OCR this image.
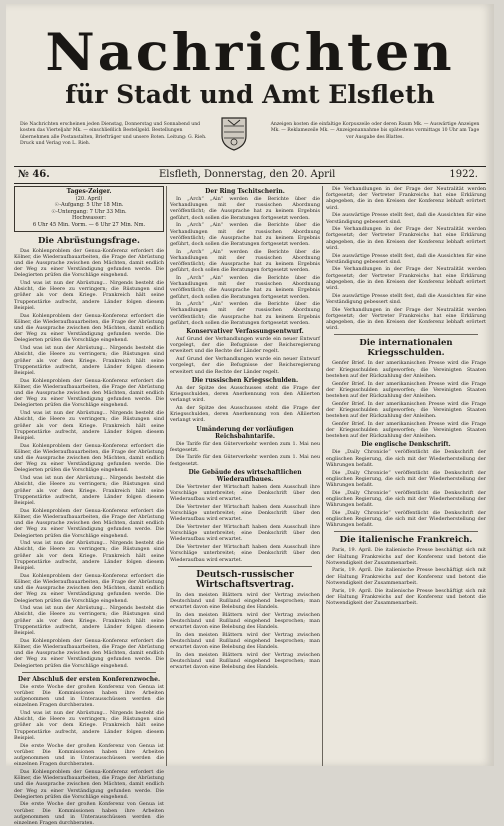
Nachrichten
für Stadt und Amt Elsfleth
Die Nachrichten erscheinen jeden Dienstag, Donnerstag und Sonnabend und kosten das Vierteljahr Mk. — einschließlich Bestellgeld. Bestellungen übernehmen alle Postanstalten, Briefträger und unsere Boten. Leitung: G. Rieh. Druck und Verlag von L. Rieh.
Anzeigen kosten die einfaltige Korpuszeile oder deren Raum Mk. — Auswärtige Anzeigen Mk. — Reklamezeile Mk. — Anzeigenannahme bis spätestens vormittags 10 Uhr am Tage vor Ausgabe des Blattes.
№ 46.	Elsfleth, Donnerstag, den 20. April	1922.
Tages-Zeiger.
(20. April)
☉-Aufgang: 5 Uhr 18 Min.
☉-Untergang: 7 Uhr 33 Min.
Hochwasser:
6 Uhr 45 Min. Vorm. — 6 Uhr 27 Min. Nm.
Die Abrüstungsfrage.

Das Kohlenproblem der Genua-Konferenz erfordert die Kölner, die Wiederaufbauarbeiten, die Frage der Abrüstung und die Aussprache zwischen den Mächten, damit endlich der Weg zu einer Verständigung gefunden werde. Die Delegierten prüfen die Vorschläge eingehend.

Und was ist nun der Abrüstung... Nirgends besteht die Absicht, die Heere zu verringern; die Rüstungen sind größer als vor dem Kriege. Frankreich hält seine Truppenstärke aufrecht, andere Länder folgen diesem Beispiel.

Das Kohlenproblem der Genua-Konferenz erfordert die Kölner, die Wiederaufbauarbeiten, die Frage der Abrüstung und die Aussprache zwischen den Mächten, damit endlich der Weg zu einer Verständigung gefunden werde. Die Delegierten prüfen die Vorschläge eingehend.

Und was ist nun der Abrüstung... Nirgends besteht die Absicht, die Heere zu verringern; die Rüstungen sind größer als vor dem Kriege. Frankreich hält seine Truppenstärke aufrecht, andere Länder folgen diesem Beispiel.

Das Kohlenproblem der Genua-Konferenz erfordert die Kölner, die Wiederaufbauarbeiten, die Frage der Abrüstung und die Aussprache zwischen den Mächten, damit endlich der Weg zu einer Verständigung gefunden werde. Die Delegierten prüfen die Vorschläge eingehend.

Und was ist nun der Abrüstung... Nirgends besteht die Absicht, die Heere zu verringern; die Rüstungen sind größer als vor dem Kriege. Frankreich hält seine Truppenstärke aufrecht, andere Länder folgen diesem Beispiel.

Das Kohlenproblem der Genua-Konferenz erfordert die Kölner, die Wiederaufbauarbeiten, die Frage der Abrüstung und die Aussprache zwischen den Mächten, damit endlich der Weg zu einer Verständigung gefunden werde. Die Delegierten prüfen die Vorschläge eingehend.

Und was ist nun der Abrüstung... Nirgends besteht die Absicht, die Heere zu verringern; die Rüstungen sind größer als vor dem Kriege. Frankreich hält seine Truppenstärke aufrecht, andere Länder folgen diesem Beispiel.

Das Kohlenproblem der Genua-Konferenz erfordert die Kölner, die Wiederaufbauarbeiten, die Frage der Abrüstung und die Aussprache zwischen den Mächten, damit endlich der Weg zu einer Verständigung gefunden werde. Die Delegierten prüfen die Vorschläge eingehend.

Und was ist nun der Abrüstung... Nirgends besteht die Absicht, die Heere zu verringern; die Rüstungen sind größer als vor dem Kriege. Frankreich hält seine Truppenstärke aufrecht, andere Länder folgen diesem Beispiel.

Das Kohlenproblem der Genua-Konferenz erfordert die Kölner, die Wiederaufbauarbeiten, die Frage der Abrüstung und die Aussprache zwischen den Mächten, damit endlich der Weg zu einer Verständigung gefunden werde. Die Delegierten prüfen die Vorschläge eingehend.

Und was ist nun der Abrüstung... Nirgends besteht die Absicht, die Heere zu verringern; die Rüstungen sind größer als vor dem Kriege. Frankreich hält seine Truppenstärke aufrecht, andere Länder folgen diesem Beispiel.

Das Kohlenproblem der Genua-Konferenz erfordert die Kölner, die Wiederaufbauarbeiten, die Frage der Abrüstung und die Aussprache zwischen den Mächten, damit endlich der Weg zu einer Verständigung gefunden werde. Die Delegierten prüfen die Vorschläge eingehend.

Der Abschluß der ersten Konferenzwoche.

Die erste Woche der großen Konferenz von Genua ist vorüber. Die Kommissionen haben ihre Arbeiten aufgenommen und in Unterausschüssen werden die einzelnen Fragen durchberaten.

Und was ist nun der Abrüstung... Nirgends besteht die Absicht, die Heere zu verringern; die Rüstungen sind größer als vor dem Kriege. Frankreich hält seine Truppenstärke aufrecht, andere Länder folgen diesem Beispiel.

Die erste Woche der großen Konferenz von Genua ist vorüber. Die Kommissionen haben ihre Arbeiten aufgenommen und in Unterausschüssen werden die einzelnen Fragen durchberaten.

Das Kohlenproblem der Genua-Konferenz erfordert die Kölner, die Wiederaufbauarbeiten, die Frage der Abrüstung und die Aussprache zwischen den Mächten, damit endlich der Weg zu einer Verständigung gefunden werde. Die Delegierten prüfen die Vorschläge eingehend.

Die erste Woche der großen Konferenz von Genua ist vorüber. Die Kommissionen haben ihre Arbeiten aufgenommen und in Unterausschüssen werden die einzelnen Fragen durchberaten.

Der Ring Tschitscherin.

In „Arch“ „Ain“ werden die Berichte über die Verhandlungen mit der russischen Abordnung veröffentlicht; die Aussprache hat zu keinem Ergebnis geführt, doch sollen die Beratungen fortgesetzt werden.

In „Arch“ „Ain“ werden die Berichte über die Verhandlungen mit der russischen Abordnung veröffentlicht; die Aussprache hat zu keinem Ergebnis geführt, doch sollen die Beratungen fortgesetzt werden.

In „Arch“ „Ain“ werden die Berichte über die Verhandlungen mit der russischen Abordnung veröffentlicht; die Aussprache hat zu keinem Ergebnis geführt, doch sollen die Beratungen fortgesetzt werden.

In „Arch“ „Ain“ werden die Berichte über die Verhandlungen mit der russischen Abordnung veröffentlicht; die Aussprache hat zu keinem Ergebnis geführt, doch sollen die Beratungen fortgesetzt werden.

In „Arch“ „Ain“ werden die Berichte über die Verhandlungen mit der russischen Abordnung veröffentlicht; die Aussprache hat zu keinem Ergebnis geführt, doch sollen die Beratungen fortgesetzt werden.

Konservativer Verfassungsentwurf.

Auf Grund der Verhandlungen wurde ein neuer Entwurf vorgelegt, der die Befugnisse der Reichsregierung erweitert und die Rechte der Länder regelt.

Auf Grund der Verhandlungen wurde ein neuer Entwurf vorgelegt, der die Befugnisse der Reichsregierung erweitert und die Rechte der Länder regelt.

Die russischen Kriegsschulden.

An der Spitze des Ausschusses steht die Frage der Kriegsschulden, deren Anerkennung von den Alliierten verlangt wird.

An der Spitze des Ausschusses steht die Frage der Kriegsschulden, deren Anerkennung von den Alliierten verlangt wird.

Umänderung der vorläufigen Reichsbahntarife.

Die Tarife für den Güterverkehr werden zum 1. Mai neu festgesetzt.

Die Tarife für den Güterverkehr werden zum 1. Mai neu festgesetzt.

Die Gebäude des wirtschaftlichen Wiederaufbaues.

Die Vertreter der Wirtschaft haben dem Ausschuß ihre Vorschläge unterbreitet; eine Denkschrift über den Wiederaufbau wird erwartet.

Die Vertreter der Wirtschaft haben dem Ausschuß ihre Vorschläge unterbreitet; eine Denkschrift über den Wiederaufbau wird erwartet.

Die Vertreter der Wirtschaft haben dem Ausschuß ihre Vorschläge unterbreitet; eine Denkschrift über den Wiederaufbau wird erwartet.

Die Vertreter der Wirtschaft haben dem Ausschuß ihre Vorschläge unterbreitet; eine Denkschrift über den Wiederaufbau wird erwartet.

Deutsch-russischer Wirtschaftsvertrag.

In den meisten Blättern wird der Vertrag zwischen Deutschland und Rußland eingehend besprochen; man erwartet davon eine Belebung des Handels.

In den meisten Blättern wird der Vertrag zwischen Deutschland und Rußland eingehend besprochen; man erwartet davon eine Belebung des Handels.

In den meisten Blättern wird der Vertrag zwischen Deutschland und Rußland eingehend besprochen; man erwartet davon eine Belebung des Handels.

In den meisten Blättern wird der Vertrag zwischen Deutschland und Rußland eingehend besprochen; man erwartet davon eine Belebung des Handels.

Die Verhandlungen in der Frage der Neutralität werden fortgesetzt; der Vertreter Frankreichs hat eine Erklärung abgegeben, die in den Kreisen der Konferenz lebhaft erörtert wird.

Die auswärtige Presse stellt fest, daß die Aussichten für eine Verständigung gebessert sind.

Die Verhandlungen in der Frage der Neutralität werden fortgesetzt; der Vertreter Frankreichs hat eine Erklärung abgegeben, die in den Kreisen der Konferenz lebhaft erörtert wird.

Die auswärtige Presse stellt fest, daß die Aussichten für eine Verständigung gebessert sind.

Die Verhandlungen in der Frage der Neutralität werden fortgesetzt; der Vertreter Frankreichs hat eine Erklärung abgegeben, die in den Kreisen der Konferenz lebhaft erörtert wird.

Die auswärtige Presse stellt fest, daß die Aussichten für eine Verständigung gebessert sind.

Die Verhandlungen in der Frage der Neutralität werden fortgesetzt; der Vertreter Frankreichs hat eine Erklärung abgegeben, die in den Kreisen der Konferenz lebhaft erörtert wird.

Die internationalen Kriegsschulden.

Genfer Brief. In der amerikanischen Presse wird die Frage der Kriegsschulden aufgeworfen; die Vereinigten Staaten bestehen auf der Rückzahlung der Anleihen.

Genfer Brief. In der amerikanischen Presse wird die Frage der Kriegsschulden aufgeworfen; die Vereinigten Staaten bestehen auf der Rückzahlung der Anleihen.

Genfer Brief. In der amerikanischen Presse wird die Frage der Kriegsschulden aufgeworfen; die Vereinigten Staaten bestehen auf der Rückzahlung der Anleihen.

Genfer Brief. In der amerikanischen Presse wird die Frage der Kriegsschulden aufgeworfen; die Vereinigten Staaten bestehen auf der Rückzahlung der Anleihen.

Die englische Denkschrift.

Die „Daily Chronicle“ veröffentlicht die Denkschrift der englischen Regierung, die sich mit der Wiederherstellung der Währungen befaßt.

Die „Daily Chronicle“ veröffentlicht die Denkschrift der englischen Regierung, die sich mit der Wiederherstellung der Währungen befaßt.

Die „Daily Chronicle“ veröffentlicht die Denkschrift der englischen Regierung, die sich mit der Wiederherstellung der Währungen befaßt.

Die „Daily Chronicle“ veröffentlicht die Denkschrift der englischen Regierung, die sich mit der Wiederherstellung der Währungen befaßt.

Die italienische Frankreich.

Paris, 19. April. Die italienische Presse beschäftigt sich mit der Haltung Frankreichs auf der Konferenz und betont die Notwendigkeit der Zusammenarbeit.

Paris, 19. April. Die italienische Presse beschäftigt sich mit der Haltung Frankreichs auf der Konferenz und betont die Notwendigkeit der Zusammenarbeit.

Paris, 19. April. Die italienische Presse beschäftigt sich mit der Haltung Frankreichs auf der Konferenz und betont die Notwendigkeit der Zusammenarbeit.
